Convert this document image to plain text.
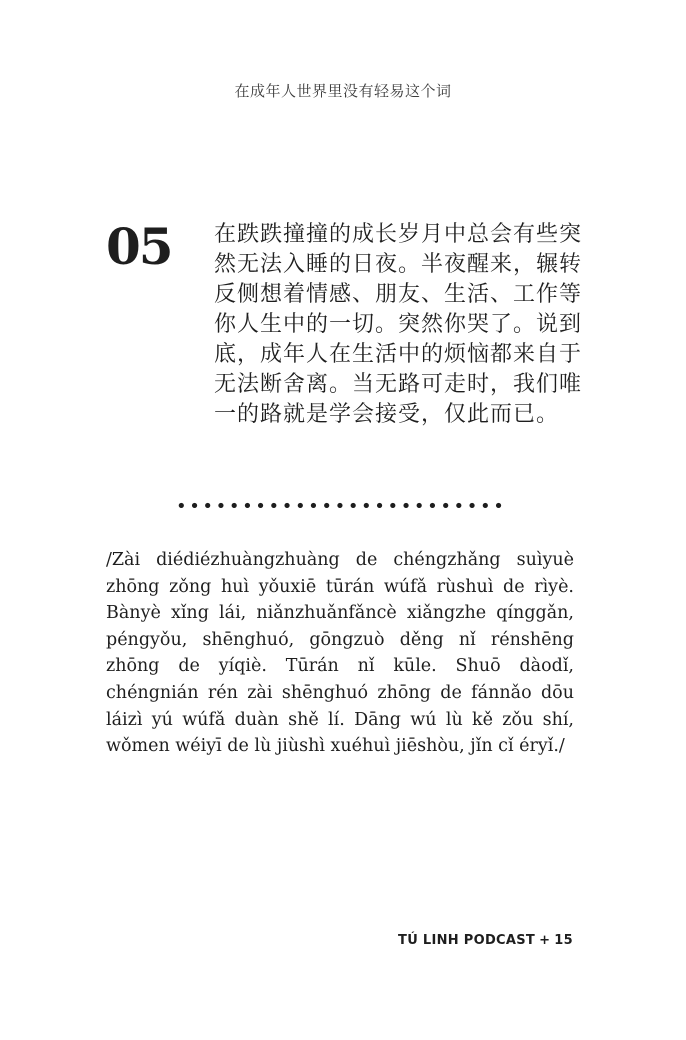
在成年人世界里没有轻易这个词
05 在跌跌撞撞的成长岁月中总会有些突然无法入睡的日夜。半夜醒来，辗转反侧想着情感、朋友、生活、工作等你人生中的一切。突然你哭了。说到底，成年人在生活中的烦恼都来自于无法断舍离。当无路可走时，我们唯一的路就是学会接受，仅此而已。

•••••••••••••••••••••••••

/Zài diédiézhuàngzhuàng de chéngzhǎng suìyuè zhōng zǒng huì yǒuxiē tūrán wúfǎ rùshuì de rìyè. Bànyè xǐng lái, niǎnzhuǎnfǎncè xiǎngzhe qínggǎn, péngyǒu, shēnghuó, gōngzuò děng nǐ rénshēng zhōng de yíqiè. Tūrán nǐ kūle. Shuō dàodǐ, chéngnián rén zài shēnghuó zhōng de fánnǎo dōu láizì yú wúfǎ duàn shě lí. Dāng wú lù kě zǒu shí, wǒmen wéiyī de lù jiùshì xuéhuì jiēshòu, jǐn cǐ éryǐ./

TÚ LINH PODCAST + 15
